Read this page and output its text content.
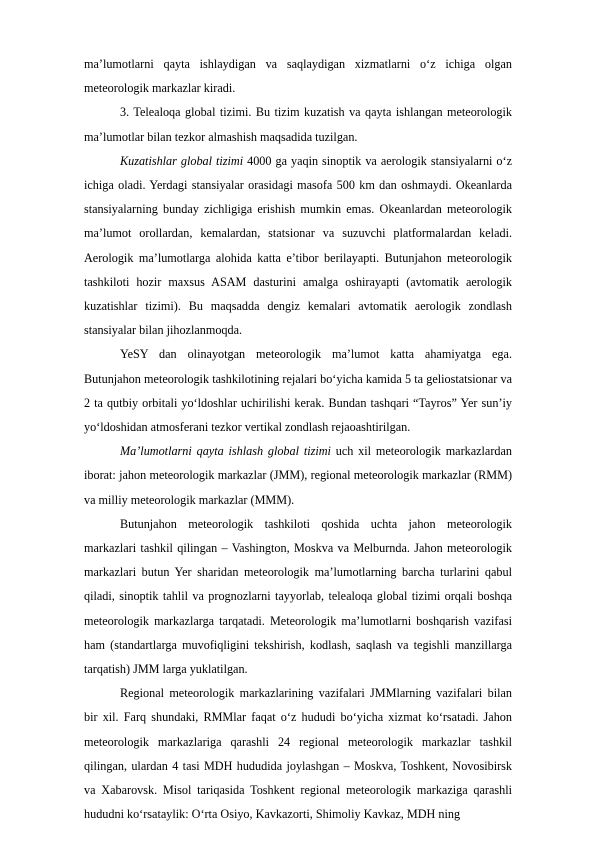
ma’lumotlarni qayta ishlaydigan va saqlaydigan xizmatlarni o‘z ichiga olgan meteorologik markazlar kiradi.

3. Telealoqa global tizimi. Bu tizim kuzatish va qayta ishlangan meteorologik ma’lumotlar bilan tezkor almashish maqsadida tuzilgan.

Kuzatishlar global tizimi 4000 ga yaqin sinoptik va aerologik stansiyalarni o‘z ichiga oladi. Yerdagi stansiyalar orasidagi masofa 500 km dan oshmaydi. Okeanlarda stansiyalarning bunday zichligiga erishish mumkin emas. Okeanlardan meteorologik ma’lumot orollardan, kemalardan, statsionar va suzuvchi platformalardan keladi. Aerologik ma’lumotlarga alohida katta e’tibor berilayapti. Butunjahon meteorologik tashkiloti hozir maxsus ASAM dasturini amalga oshirayapti (avtomatik aerologik kuzatishlar tizimi). Bu maqsadda dengiz kemalari avtomatik aerologik zondlash stansiyalar bilan jihozlanmoqda.

YeSY dan olinayotgan meteorologik ma’lumot katta ahamiyatga ega. Butunjahon meteorologik tashkilotining rejalari bo‘yicha kamida 5 ta geliostatsionar va 2 ta qutbiy orbitali yo‘ldoshlar uchirilishi kerak. Bundan tashqari “Tayros” Yer sun’iy yo‘ldoshidan atmosferani tezkor vertikal zondlash rejaoashtirilgan.

Ma’lumotlarni qayta ishlash global tizimi uch xil meteorologik markazlardan iborat: jahon meteorologik markazlar (JMM), regional meteorologik markazlar (RMM) va milliy meteorologik markazlar (MMM).

Butunjahon meteorologik tashkiloti qoshida uchta jahon meteorologik markazlari tashkil qilingan – Vashington, Moskva va Melburnda. Jahon meteorologik markazlari butun Yer sharidan meteorologik ma’lumotlarning barcha turlarini qabul qiladi, sinoptik tahlil va prognozlarni tayyorlab, telealoqa global tizimi orqali boshqa meteorologik markazlarga tarqatadi. Meteorologik ma’lumotlarni boshqarish vazifasi ham (standartlarga muvofiqligini tekshirish, kodlash, saqlash va tegishli manzillarga tarqatish) JMM larga yuklatilgan.

Regional meteorologik markazlarining vazifalari JMMlarning vazifalari bilan bir xil. Farq shundaki, RMMlar faqat o‘z hududi bo‘yicha xizmat ko‘rsatadi. Jahon meteorologik markazlariga qarashli 24 regional meteorologik markazlar tashkil qilingan, ulardan 4 tasi MDH hududida joylashgan – Moskva, Toshkent, Novosibirsk va Xabarovsk. Misol tariqasida Toshkent regional meteorologik markaziga qarashli hududni ko‘rsataylik: O‘rta Osiyo, Kavkazorti, Shimoliy Kavkaz, MDH ning
